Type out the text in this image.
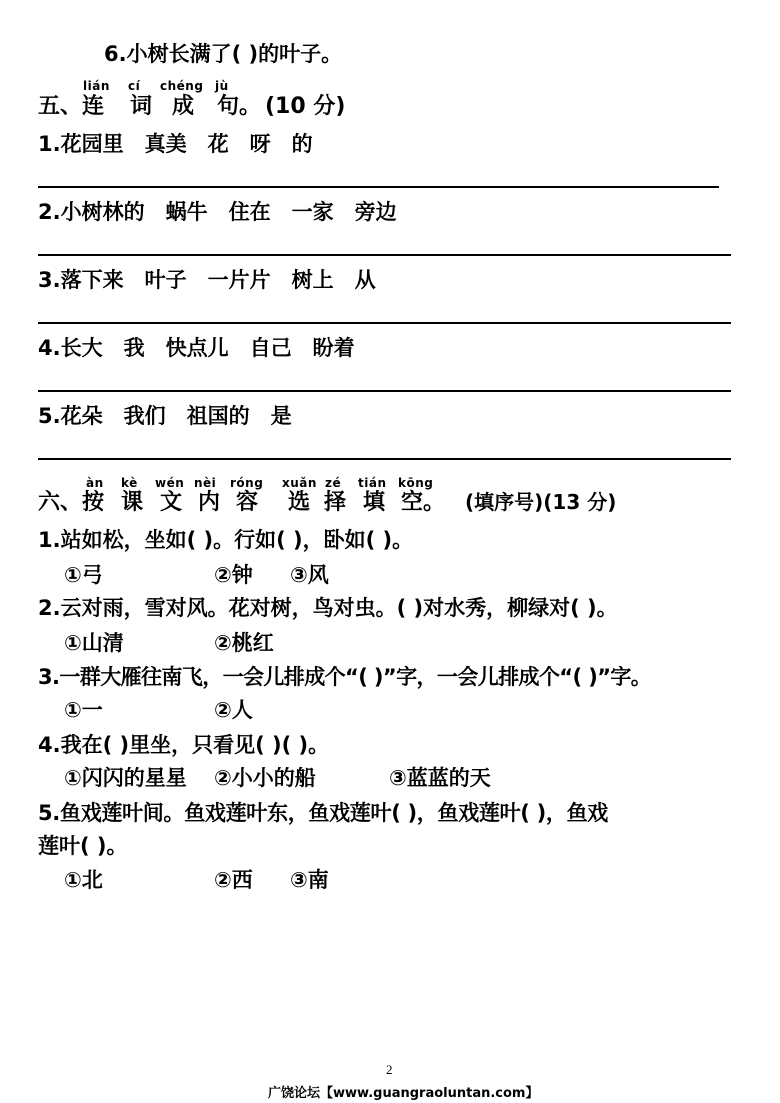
6.小树长满了( )的叶子。
lián cí chéng jù
五、连 词 成 句。 (10 分)
1.花园里　真美　花　呀　的
2.小树林的　蜗牛　住在　一家　旁边
3.落下来　叶子　一片片　树上　从
4.长大　我　快点儿　自己　盼着
5.花朵　我们　祖国的　是
àn kè wén nèi róng xuǎn zé tián kōng
六、按 课 文 内 容 选 择 填 空。 (填序号)(13 分)
1.站如松，坐如( )。行如( )，卧如( )。
①弓	②钟 ③风
2.云对雨，雪对风。花对树，鸟对虫。( )对水秀，柳绿对( )。
①山清	②桃红
3.一群大雁往南飞，一会儿排成个“( )”字，一会儿排成个“( )”字。
①一	②人
4.我在( )里坐，只看见( )( )。
①闪闪的星星 ②小小的船	③蓝蓝的天
5.鱼戏莲叶间。鱼戏莲叶东，鱼戏莲叶( )，鱼戏莲叶( )，鱼戏
莲叶( )。
①北	②西 ③南
2
广饶论坛【www.guangraoluntan.com】
